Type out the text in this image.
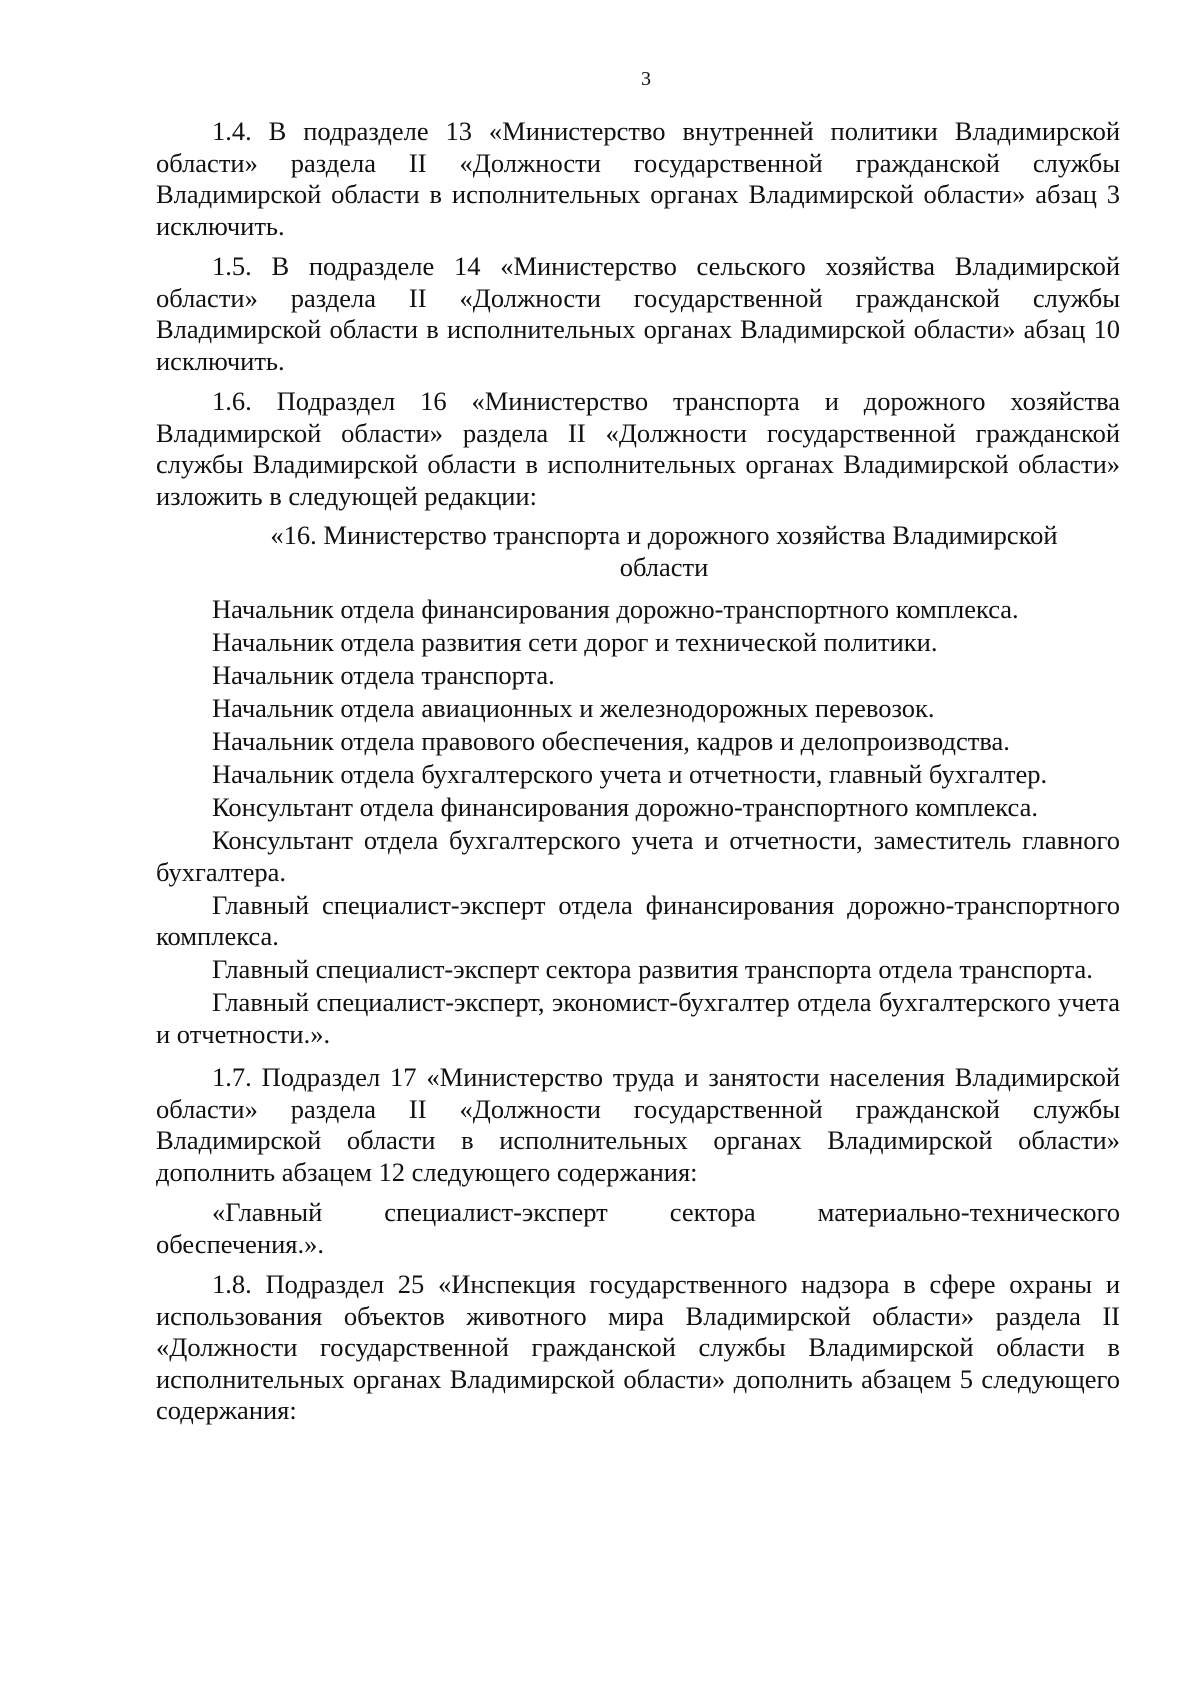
3

1.4. В подразделе 13 «Министерство внутренней политики Владимирской области» раздела II «Должности государственной гражданской службы Владимирской области в исполнительных органах Владимирской области» абзац 3 исключить.

1.5. В подразделе 14 «Министерство сельского хозяйства Владимирской области» раздела II «Должности государственной гражданской службы Владимирской области в исполнительных органах Владимирской области» абзац 10 исключить.

1.6. Подраздел 16 «Министерство транспорта и дорожного хозяйства Владимирской области» раздела II «Должности государственной гражданской службы Владимирской области в исполнительных органах Владимирской области» изложить в следующей редакции:

«16. Министерство транспорта и дорожного хозяйства Владимирской
области

Начальник отдела финансирования дорожно-транспортного комплекса.

Начальник отдела развития сети дорог и технической политики.

Начальник отдела транспорта.

Начальник отдела авиационных и железнодорожных перевозок.

Начальник отдела правового обеспечения, кадров и делопроизводства.

Начальник отдела бухгалтерского учета и отчетности, главный бухгалтер.

Консультант отдела финансирования дорожно-транспортного комплекса.

Консультант отдела бухгалтерского учета и отчетности, заместитель главного бухгалтера.

Главный специалист-эксперт отдела финансирования дорожно-транспортного комплекса.

Главный специалист-эксперт сектора развития транспорта отдела транспорта.

Главный специалист-эксперт, экономист-бухгалтер отдела бухгалтерского учета и отчетности.».

1.7. Подраздел 17 «Министерство труда и занятости населения Владимирской области» раздела II «Должности государственной гражданской службы Владимирской области в исполнительных органах Владимирской области» дополнить абзацем 12 следующего содержания:

«Главный специалист-эксперт сектора материально-технического обеспечения.».

1.8. Подраздел 25 «Инспекция государственного надзора в сфере охраны и использования объектов животного мира Владимирской области» раздела II «Должности государственной гражданской службы Владимирской области в исполнительных органах Владимирской области» дополнить абзацем 5 следующего содержания:
